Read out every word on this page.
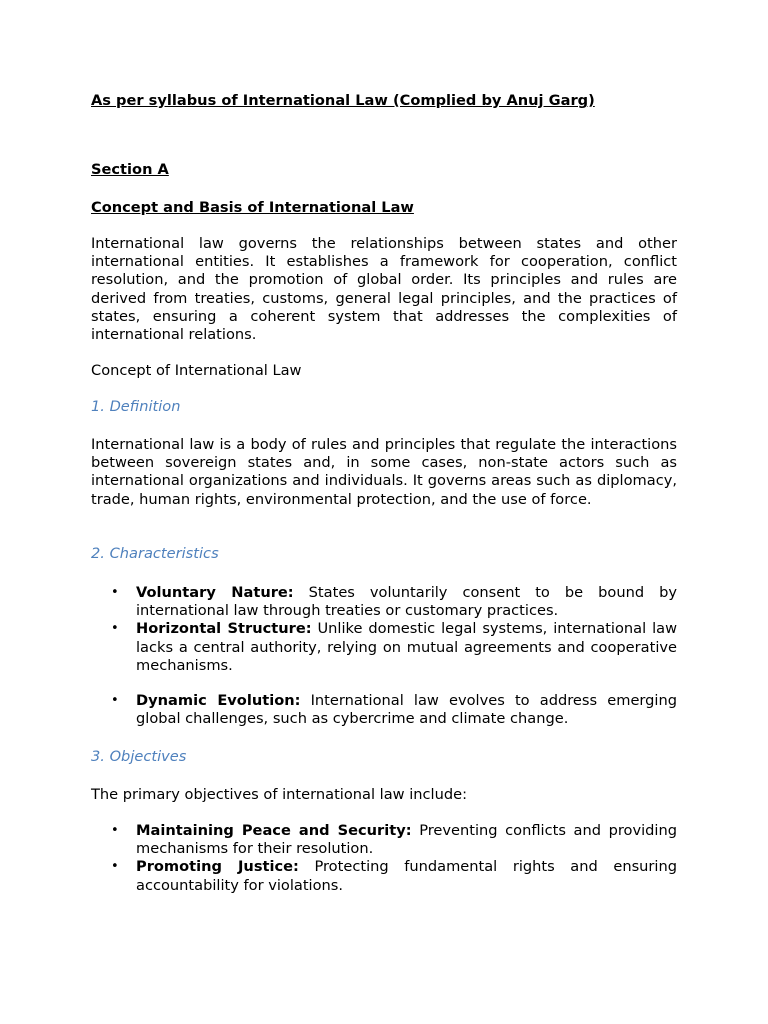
As per syllabus of International Law (Complied by Anuj Garg)
Section A
Concept and Basis of International Law

International law governs the relationships between states and other international entities. It establishes a framework for cooperation, conflict resolution, and the promotion of global order. Its principles and rules are derived from treaties, customs, general legal principles, and the practices of states, ensuring a coherent system that addresses the complexities of international relations.

Concept of International Law
1. Definition

International law is a body of rules and principles that regulate the interactions between sovereign states and, in some cases, non-state actors such as international organizations and individuals. It governs areas such as diplomacy, trade, human rights, environmental protection, and the use of force.

2. Characteristics
• Voluntary Nature: States voluntarily consent to be bound by international law through treaties or customary practices.
• Horizontal Structure: Unlike domestic legal systems, international law lacks a central authority, relying on mutual agreements and cooperative mechanisms.
• Dynamic Evolution: International law evolves to address emerging global challenges, such as cybercrime and climate change.
3. Objectives
The primary objectives of international law include:
• Maintaining Peace and Security: Preventing conflicts and providing mechanisms for their resolution.
• Promoting Justice: Protecting fundamental rights and ensuring accountability for violations.
